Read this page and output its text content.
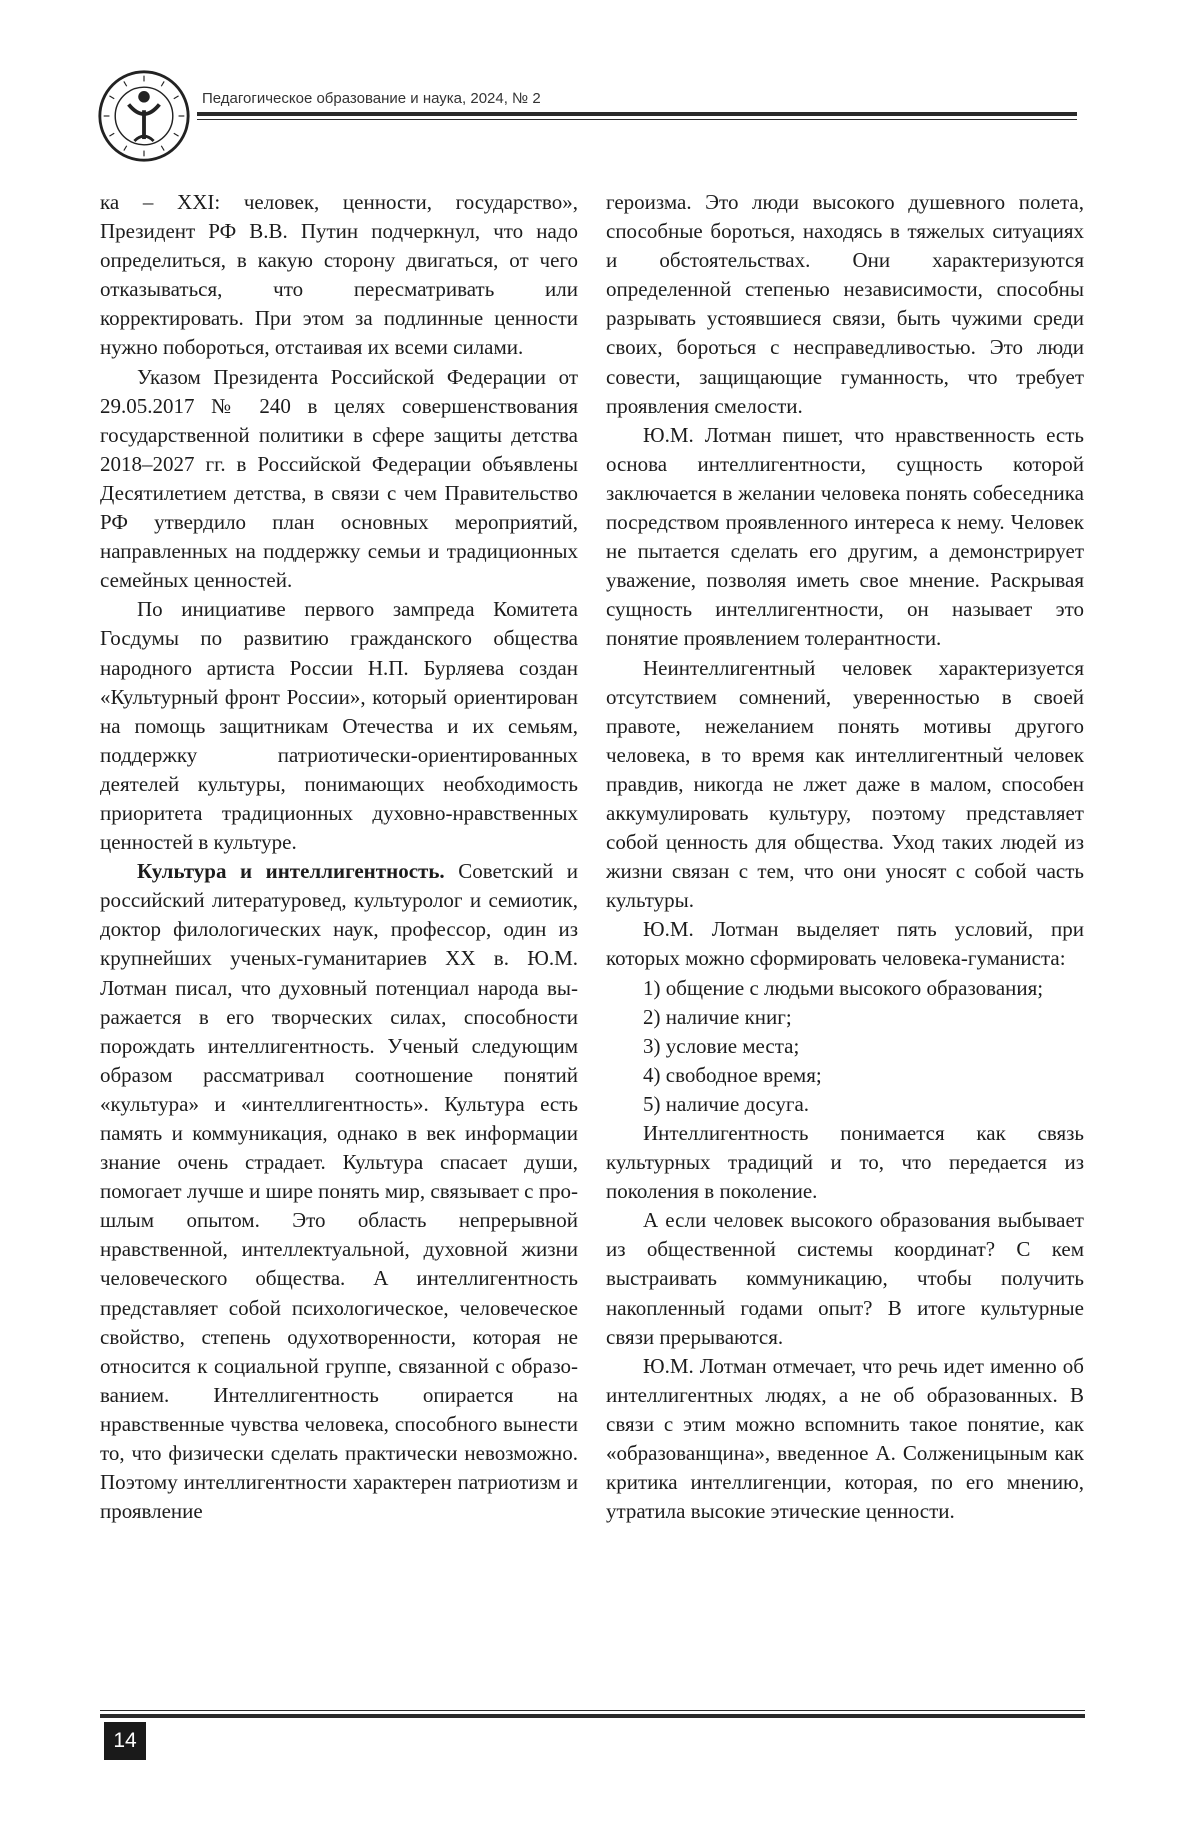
Педагогическое образование и наука, 2024, № 2

ка – XXI: человек, ценности, государство», Президент РФ В.В. Путин подчеркнул, что надо определиться, в какую сторону двигаться, от чего отказываться, что пересматривать или корректировать. При этом за подлинные ценности нужно побороться, отстаивая их всеми силами.

Указом Президента Российской Федерации от 29.05.2017 № 240 в целях совершенствования государственной политики в сфере защиты детства 2018–2027 гг. в Российской Федерации объявлены Десятилетием детства, в связи с чем Правительство РФ утвердило план основных мероприятий, направленных на поддержку семьи и традиционных семейных ценностей.

По инициативе первого зампреда Комитета Госдумы по развитию гражданского общества народного артиста России Н.П. Бурляева создан «Культурный фронт России», который ориентирован на помощь защитникам Отечества и их семьям, поддержку патриотически-ориентированных деятелей культуры, понимающих необходимость приоритета традиционных духовно-нравственных ценностей в культуре.

Культура и интеллигентность. Советский и российский литературовед, культуролог и семиотик, доктор филологических наук, профессор, один из крупнейших ученых-гуманитариев XX в. Ю.М. Лотман писал, что духовный потенциал народа выражается в его творческих силах, способности порождать интеллигентность. Ученый следующим образом рассматривал соотношение понятий «культура» и «интеллигентность». Культура есть память и коммуникация, однако в век информации знание очень страдает. Культура спасает души, помогает лучше и шире понять мир, связывает с прошлым опытом. Это область непрерывной нравственной, интеллектуальной, духовной жизни человеческого общества. А интеллигентность представляет собой психологическое, человеческое свойство, степень одухотворенности, которая не относится к социальной группе, связанной с образованием. Интеллигентность опирается на нравственные чувства человека, способного вынести то, что физически сделать практически невозможно. Поэтому интеллигентности характерен патриотизм и проявление

героизма. Это люди высокого душевного полета, способные бороться, находясь в тяжелых ситуациях и обстоятельствах. Они характеризуются определенной степенью независимости, способны разрывать устоявшиеся связи, быть чужими среди своих, бороться с несправедливостью. Это люди совести, защищающие гуманность, что требует проявления смелости.

Ю.М. Лотман пишет, что нравственность есть основа интеллигентности, сущность которой заключается в желании человека понять собеседника посредством проявленного интереса к нему. Человек не пытается сделать его другим, а демонстрирует уважение, позволяя иметь свое мнение. Раскрывая сущность интеллигентности, он называет это понятие проявлением толерантности.

Неинтеллигентный человек характеризуется отсутствием сомнений, уверенностью в своей правоте, нежеланием понять мотивы другого человека, в то время как интеллигентный человек правдив, никогда не лжет даже в малом, способен аккумулировать культуру, поэтому представляет собой ценность для общества. Уход таких людей из жизни связан с тем, что они уносят с собой часть культуры.

Ю.М. Лотман выделяет пять условий, при которых можно сформировать человека-гуманиста:

1) общение с людьми высокого образования;

2) наличие книг;

3) условие места;

4) свободное время;

5) наличие досуга.

Интеллигентность понимается как связь культурных традиций и то, что передается из поколения в поколение.

А если человек высокого образования выбывает из общественной системы координат? С кем выстраивать коммуникацию, чтобы получить накопленный годами опыт? В итоге культурные связи прерываются.

Ю.М. Лотман отмечает, что речь идет именно об интеллигентных людях, а не об образованных. В связи с этим можно вспомнить такое понятие, как «образованщина», введенное А. Солженицыным как критика интеллигенции, которая, по его мнению, утратила высокие этические ценности.

14
